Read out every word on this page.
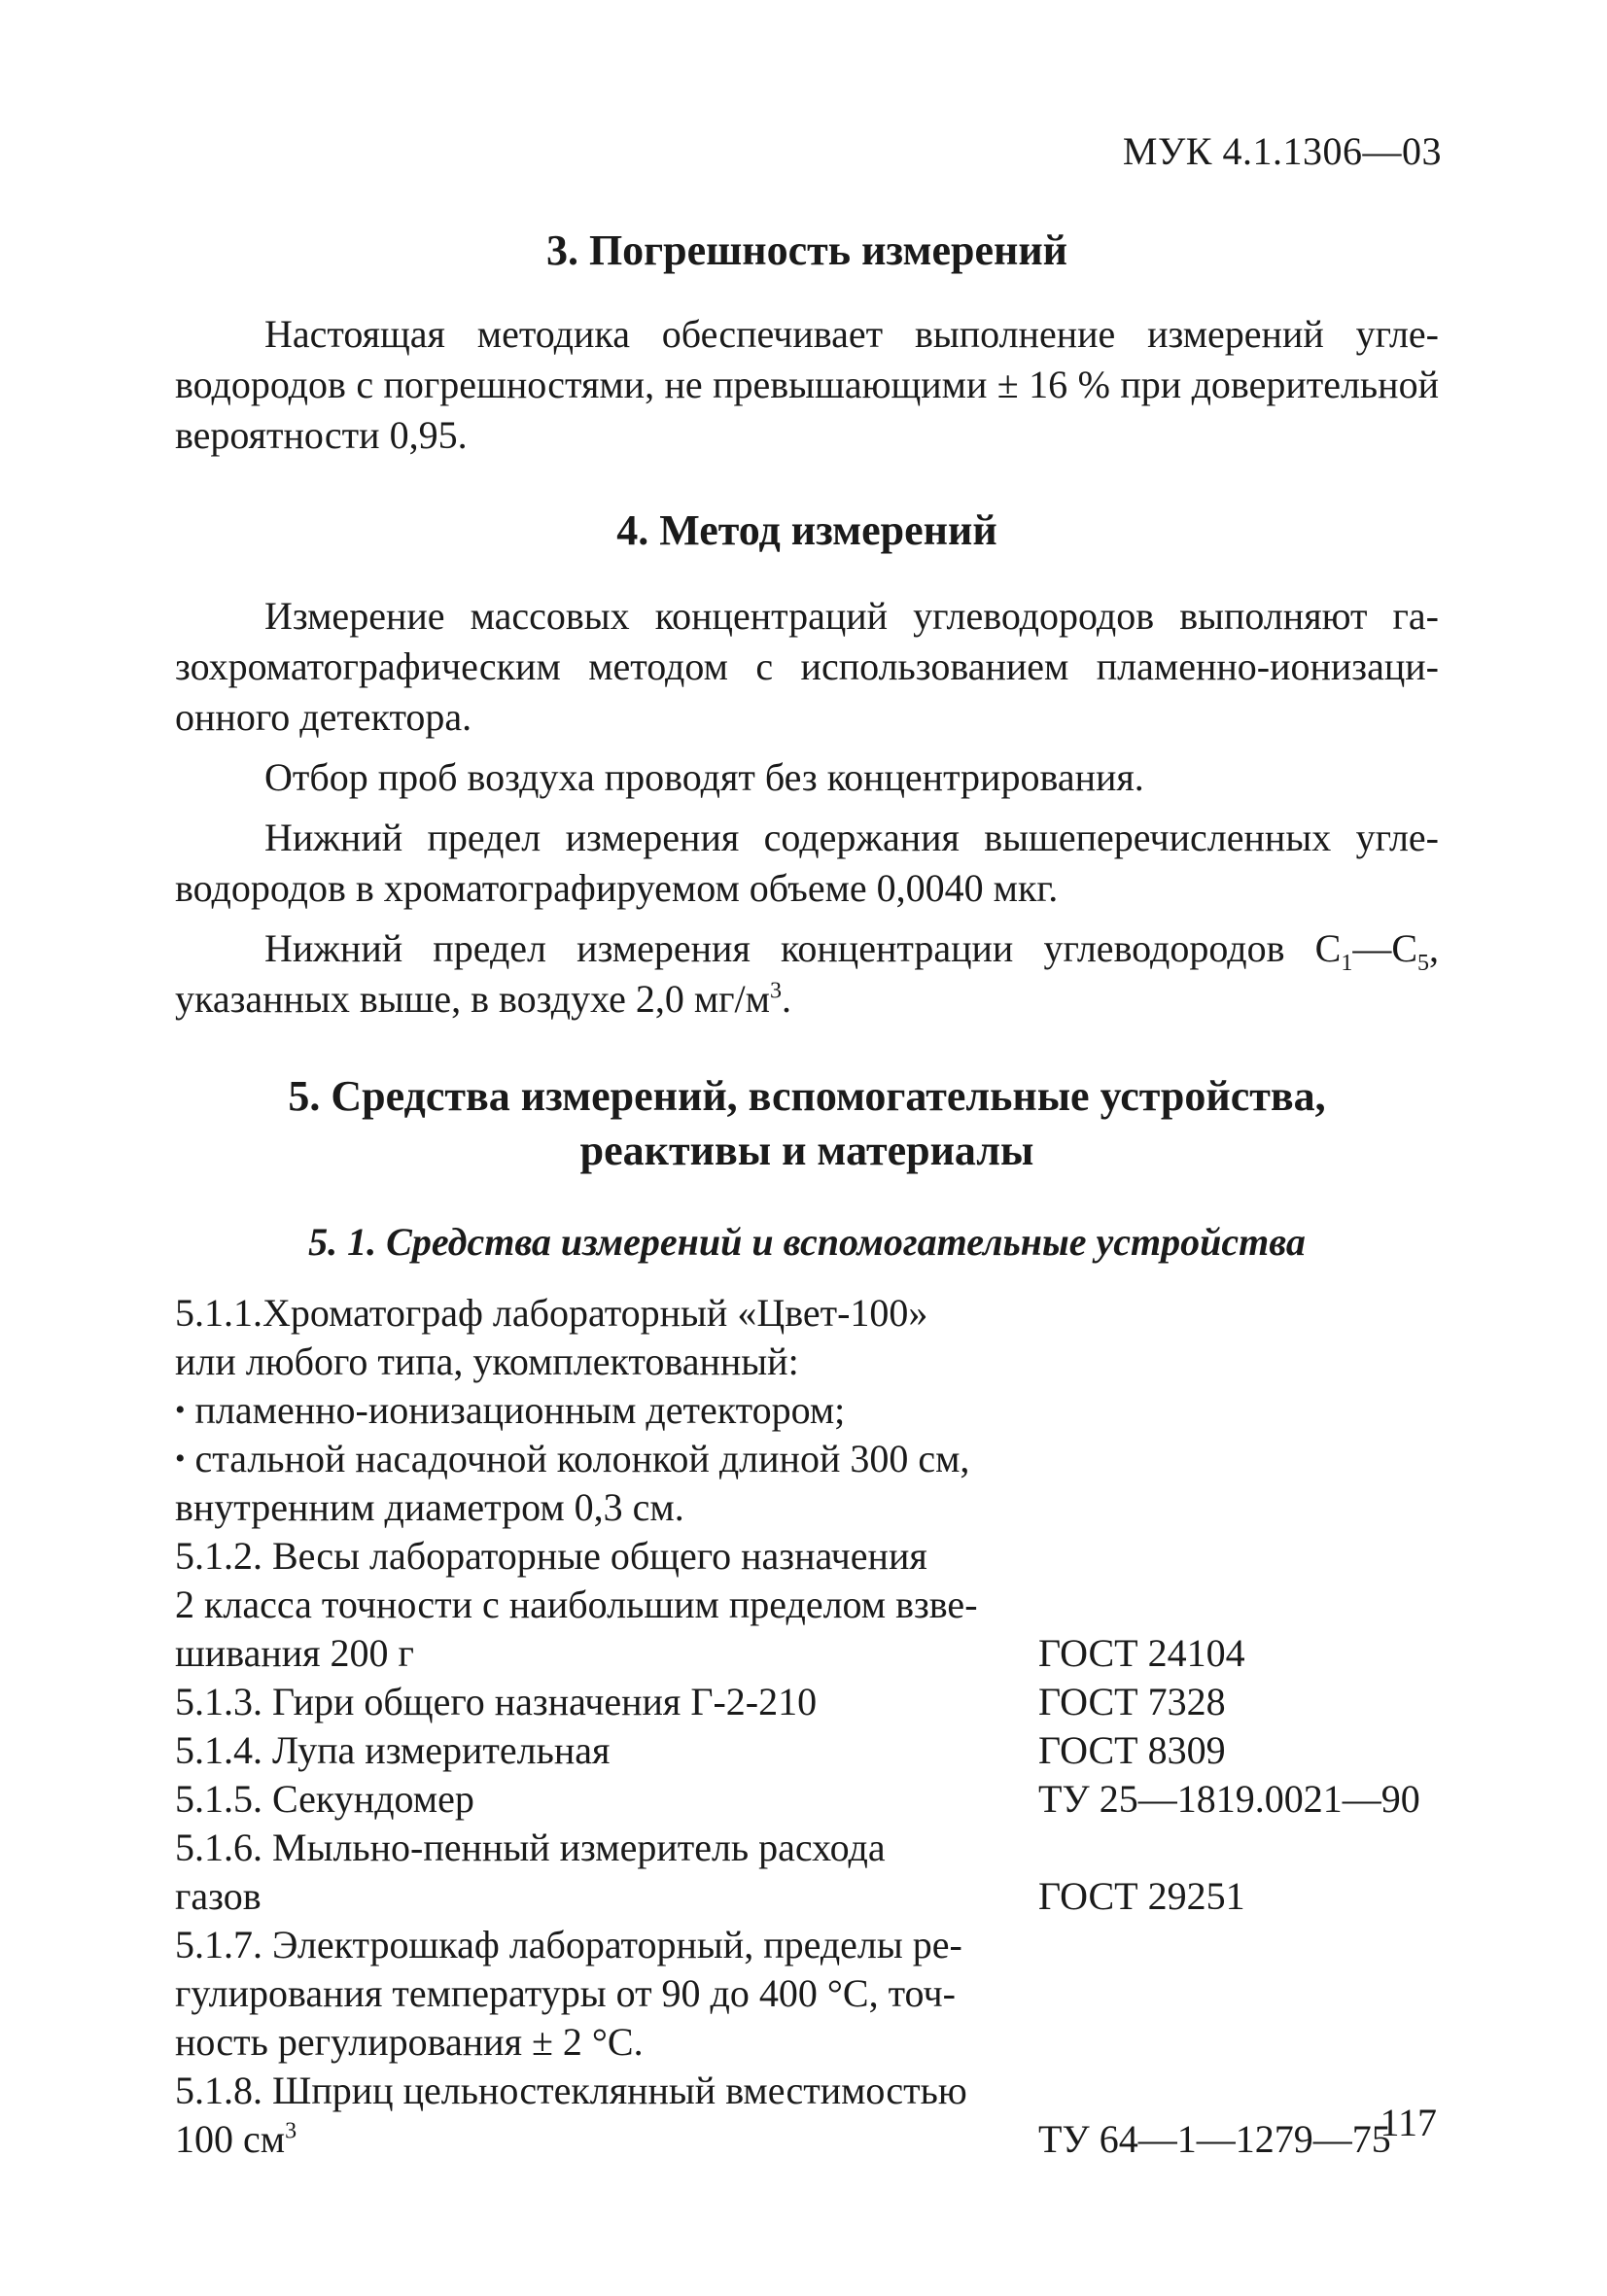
МУК 4.1.1306—03
3. Погрешность измерений

Настоящая методика обеспечивает выполнение измерений углеводородов с погрешностями, не превышающими ± 16 % при доверительной вероятности 0,95.

4. Метод измерений

Измерение массовых концентраций углеводородов выполняют газохроматографическим методом с использованием пламенно-ионизационного детектора.

Отбор проб воздуха проводят без концентрирования.

Нижний предел измерения содержания вышеперечисленных углеводородов в хроматографируемом объеме 0,0040 мкг.

Нижний предел измерения концентрации углеводородов $С_1—С_5$, указанных выше, в воздухе 2,0 $мг/м^3$.

5. Средства измерений, вспомогательные устройства,
реактивы и материалы
5. 1. Средства измерений и вспомогательные устройства
5.1.1.Хроматограф лабораторный «Цвет-100»
или любого типа, укомплектованный:
• пламенно-ионизационным детектором;
• стальной насадочной колонкой длиной 300 см,
внутренним диаметром 0,3 см.
5.1.2. Весы лабораторные общего назначения
2 класса точности с наибольшим пределом взве-
шивания 200 г	ГОСТ 24104
5.1.3. Гири общего назначения Г-2-210	ГОСТ 7328
5.1.4. Лупа измерительная	ГОСТ 8309
5.1.5. Секундомер	ТУ 25—1819.0021—90
5.1.6. Мыльно-пенный измеритель расхода
газов	ГОСТ 29251
5.1.7. Электрошкаф лабораторный, пределы ре-
гулирования температуры от 90 до 400 °С, точ-
ность регулирования ± 2 °С.
5.1.8. Шприц цельностеклянный вместимостью
100 $см^3$	ТУ 64—1—1279—75
117
